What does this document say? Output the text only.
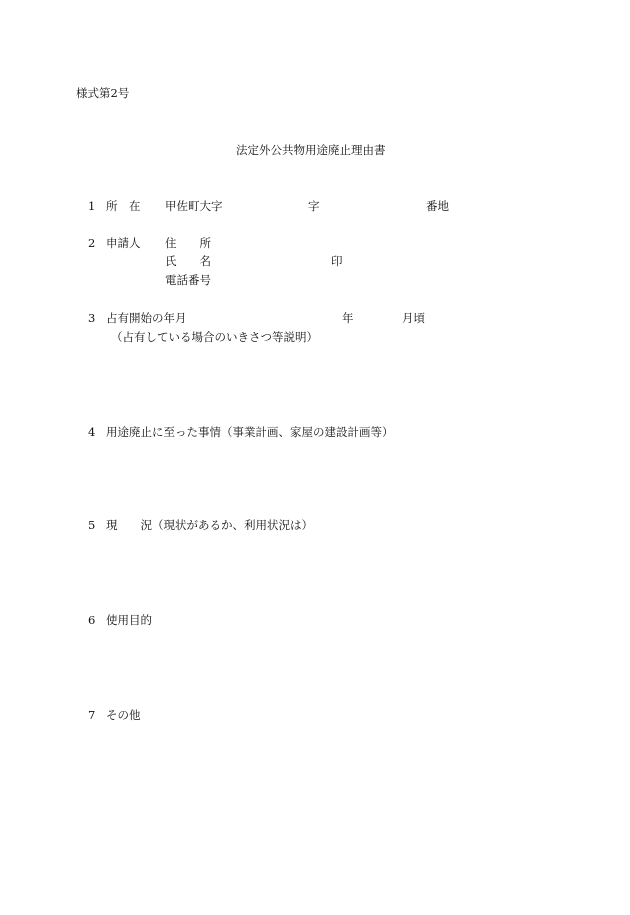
様式第2号
法定外公共物用途廃止理由書
1 所　在 甲佐町大字	字	番地
2 申請人 住　　所
氏　　名	印
電話番号
3 占有開始の年月	年	月頃
（占有している場合のいきさつ等説明）
4 用途廃止に至った事情（事業計画、家屋の建設計画等）
5 現　　況（現状があるか、利用状況は）
6 使用目的
7 その他
